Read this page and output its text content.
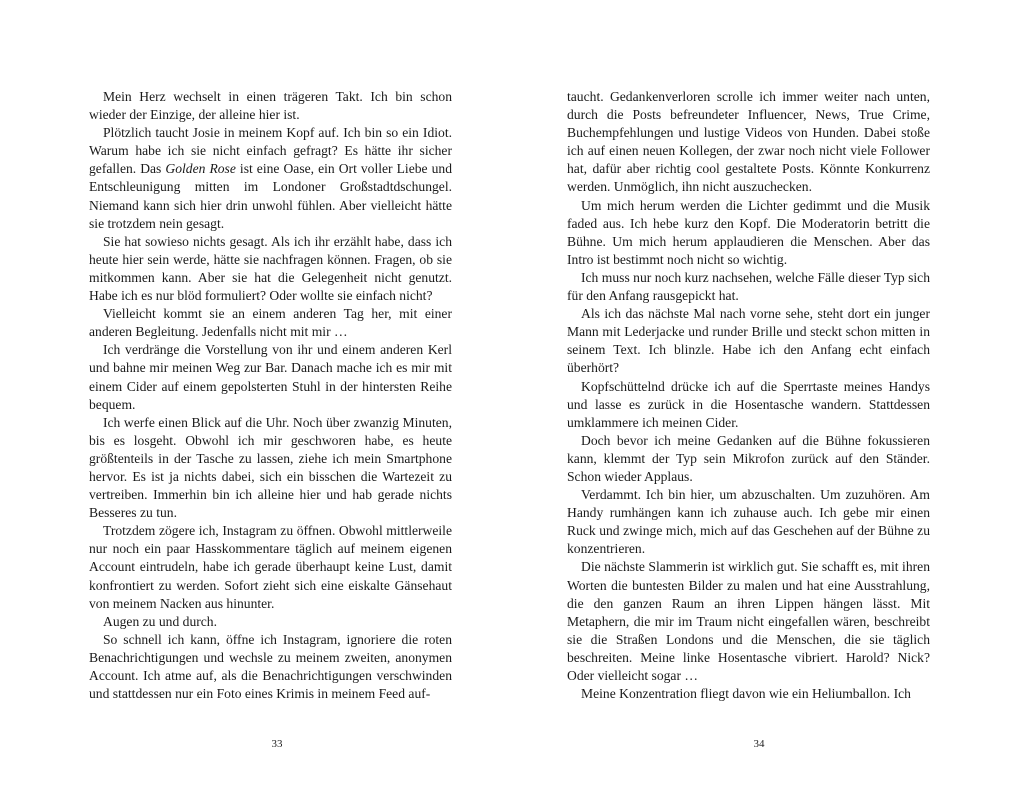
Mein Herz wechselt in einen trägeren Takt. Ich bin schon wieder der Einzige, der alleine hier ist.

Plötzlich taucht Josie in meinem Kopf auf. Ich bin so ein Idiot. Warum habe ich sie nicht einfach gefragt? Es hätte ihr sicher gefallen. Das Golden Rose ist eine Oase, ein Ort voller Liebe und Entschleunigung mitten im Londoner Großstadtdschungel. Niemand kann sich hier drin unwohl fühlen. Aber vielleicht hätte sie trotzdem nein gesagt.

Sie hat sowieso nichts gesagt. Als ich ihr erzählt habe, dass ich heute hier sein werde, hätte sie nachfragen können. Fragen, ob sie mitkommen kann. Aber sie hat die Gelegenheit nicht genutzt. Habe ich es nur blöd formuliert? Oder wollte sie einfach nicht?

Vielleicht kommt sie an einem anderen Tag her, mit einer anderen Begleitung. Jedenfalls nicht mit mir …

Ich verdränge die Vorstellung von ihr und einem anderen Kerl und bahne mir meinen Weg zur Bar. Danach mache ich es mir mit einem Cider auf einem gepolsterten Stuhl in der hintersten Reihe bequem.

Ich werfe einen Blick auf die Uhr. Noch über zwanzig Minuten, bis es losgeht. Obwohl ich mir geschworen habe, es heute größtenteils in der Tasche zu lassen, ziehe ich mein Smartphone hervor. Es ist ja nichts dabei, sich ein bisschen die Wartezeit zu vertreiben. Immerhin bin ich alleine hier und hab gerade nichts Besseres zu tun.

Trotzdem zögere ich, Instagram zu öffnen. Obwohl mittlerweile nur noch ein paar Hasskommentare täglich auf meinem eigenen Account eintrudeln, habe ich gerade überhaupt keine Lust, damit konfrontiert zu werden. Sofort zieht sich eine eiskalte Gänsehaut von meinem Nacken aus hinunter.

Augen zu und durch.

So schnell ich kann, öffne ich Instagram, ignoriere die roten Benachrichtigungen und wechsle zu meinem zweiten, anonymen Account. Ich atme auf, als die Benachrichtigungen verschwinden und stattdessen nur ein Foto eines Krimis in meinem Feed auf-

taucht. Gedankenverloren scrolle ich immer weiter nach unten, durch die Posts befreundeter Influencer, News, True Crime, Buchempfehlungen und lustige Videos von Hunden. Dabei stoße ich auf einen neuen Kollegen, der zwar noch nicht viele Follower hat, dafür aber richtig cool gestaltete Posts. Könnte Konkurrenz werden. Unmöglich, ihn nicht auszuchecken.

Um mich herum werden die Lichter gedimmt und die Musik faded aus. Ich hebe kurz den Kopf. Die Moderatorin betritt die Bühne. Um mich herum applaudieren die Menschen. Aber das Intro ist bestimmt noch nicht so wichtig.

Ich muss nur noch kurz nachsehen, welche Fälle dieser Typ sich für den Anfang rausgepickt hat.

Als ich das nächste Mal nach vorne sehe, steht dort ein junger Mann mit Lederjacke und runder Brille und steckt schon mitten in seinem Text. Ich blinzle. Habe ich den Anfang echt einfach überhört?

Kopfschüttelnd drücke ich auf die Sperrtaste meines Handys und lasse es zurück in die Hosentasche wandern. Stattdessen umklammere ich meinen Cider.

Doch bevor ich meine Gedanken auf die Bühne fokussieren kann, klemmt der Typ sein Mikrofon zurück auf den Ständer. Schon wieder Applaus.

Verdammt. Ich bin hier, um abzuschalten. Um zuzuhören. Am Handy rumhängen kann ich zuhause auch. Ich gebe mir einen Ruck und zwinge mich, mich auf das Geschehen auf der Bühne zu konzentrieren.

Die nächste Slammerin ist wirklich gut. Sie schafft es, mit ihren Worten die buntesten Bilder zu malen und hat eine Ausstrahlung, die den ganzen Raum an ihren Lippen hängen lässt. Mit Metaphern, die mir im Traum nicht eingefallen wären, beschreibt sie die Straßen Londons und die Menschen, die sie täglich beschreiten. Meine linke Hosentasche vibriert. Harold? Nick? Oder vielleicht sogar …

Meine Konzentration fliegt davon wie ein Heliumballon. Ich

33	34
